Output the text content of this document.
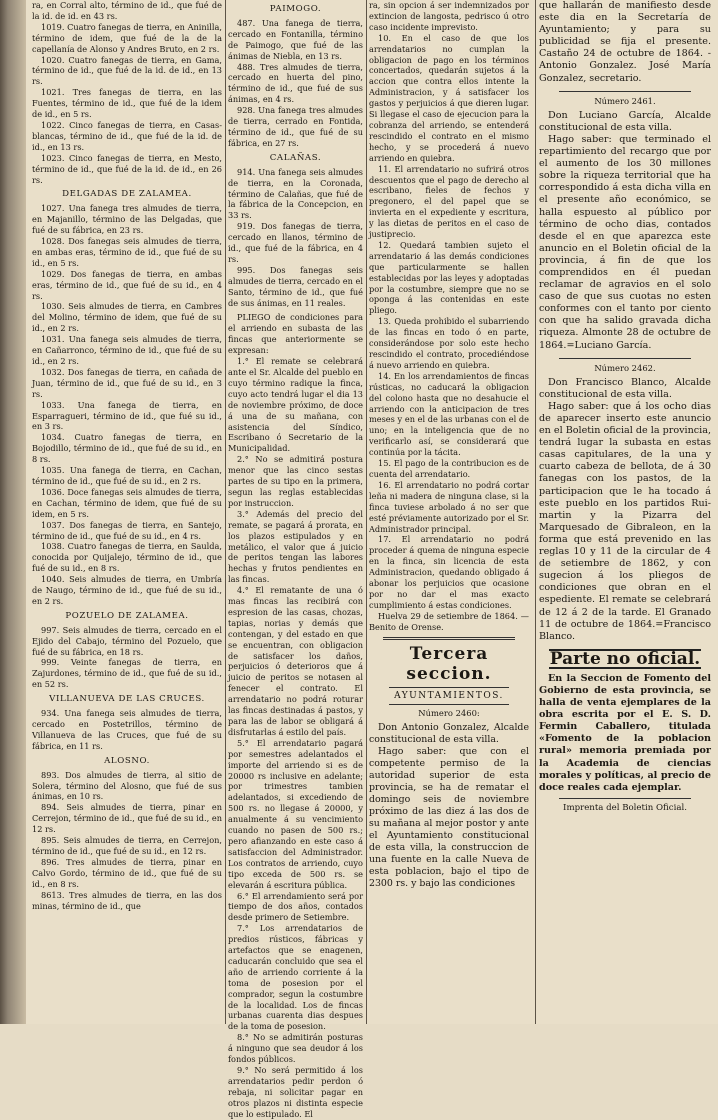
ra, en Corral alto, término de id., que fué de la id. de id. en 43 rs.

1019. Cuatro fanegas de tierra, en Aninilla, término de idem, que fué de la de la capellanía de Alonso y Andres Bruto, en 2 rs.

1020. Cuatro fanegas de tierra, en Gama, término de id., que fué de la id. de id., en 13 rs.

1021. Tres fanegas de tierra, en las Fuentes, término de id., que fué de la idem de id., en 5 rs.

1022. Cinco fanegas de tierra, en Casas-blancas, término de id., que fué de la id. de id., en 13 rs.

1023. Cinco fanegas de tierra, en Mesto, término de id., que fué de la id. de id., en 26 rs.

DELGADAS DE ZALAMEA.

1027. Una fanega tres almudes de tierra, en Majanillo, término de las Delgadas, que fué de su fábrica, en 23 rs.

1028. Dos fanegas seis almudes de tierra, en ambas eras, término de id., que fué de su id., en 5 rs.

1029. Dos fanegas de tierra, en ambas eras, término de id., que fué de su id., en 4 rs.

1030. Seis almudes de tierra, en Cambres del Molino, término de idem, que fué de su id., en 2 rs.

1031. Una fanega seis almudes de tierra, en Cañarronco, término de id., que fué de su id., en 2 rs.

1032. Dos fanegas de tierra, en cañada de Juan, término de id., que fué de su id., en 3 rs.

1033. Una fanega de tierra, en Esparragueri, término de id., que fué su id., en 3 rs.

1034. Cuatro fanegas de tierra, en Bojodillo, término de id., que fué de su id., en 8 rs.

1035. Una fanega de tierra, en Cachan, término de id., que fué de su id., en 2 rs.

1036. Doce fanegas seis almudes de tierra, en Cachan, término de idem, que fué de su idem, en 5 rs.

1037. Dos fanegas de tierra, en Santejo, término de id., que fué de su id., en 4 rs.

1038. Cuatro fanegas de tierra, en Saulda, conocida por Quijalejo, término de id., que fué de su id., en 8 rs.

1040. Seis almudes de tierra, en Umbría de Naugo, término de id., que fué de su id., en 2 rs.

POZUELO DE ZALAMEA.

997. Seis almudes de tierra, cercado en el Ejido del Cabajo, término del Pozuelo, que fué de su fábrica, en 18 rs.

999. Veinte fanegas de tierra, en Zajurdones, término de id., que fué de su id., en 52 rs.

VILLANUEVA DE LAS CRUCES.

934. Una fanega seis almudes de tierra, cercado en Postetrillos, término de Villanueva de las Cruces, que fué de su fábrica, en 11 rs.

ALOSNO.

893. Dos almudes de tierra, al sitio de Solera, término del Alosno, que fué de sus ánimas, en 10 rs.

894. Seis almudes de tierra, pinar en Cerrejon, término de id., que fué de su id., en 12 rs.

895. Seis almudes de tierra, en Cerrejon, término de id., que fué de su id., en 12 rs.

896. Tres almudes de tierra, pinar en Calvo Gordo, término de id., que fué de su id., en 8 rs.

8613. Tres almudes de tierra, en las dos minas, término de id., que

PAIMOGO.

487. Una fanega de tierra, cercado en Fontanilla, término de Paimogo, que fué de las ánimas de Niebla, en 13 rs.

488. Tres almudes de tierra, cercado en huerta del pino, término de id., que fué de sus ánimas, en 4 rs.

928. Una fanega tres almudes de tierra, cerrado en Fontida, término de id., que fué de su fábrica, en 27 rs.

CALAÑAS.

914. Una fanega seis almudes de tierra, en la Coronada, término de Calañas, que fué de la fábrica de la Concepcion, en 33 rs.

919. Dos fanegas de tierra, cercado en llanos, término de id., que fué de la fábrica, en 4 rs.

995. Dos fanegas seis almudes de tierra, cercado en el Santo, término de id., que fué de sus ánimas, en 11 reales.

PLIEGO de condiciones para el arriendo en subasta de las fincas que anteriormente se expresan:

1.° El remate se celebrará ante el Sr. Alcalde del pueblo en cuyo término radique la finca, cuyo acto tendrá lugar el dia 13 de noviembre próximo, de doce á una de su mañana, con asistencia del Síndico, Escribano ó Secretario de la Municipalidad.

2.° No se admitirá postura menor que las cinco sestas partes de su tipo en la primera, segun las reglas establecidas por instruccion.

3.° Además del precio del remate, se pagará á prorata, en los plazos estipulados y en metálico, el valor que á juicio de peritos tengan las labores hechas y frutos pendientes en las fincas.

4.° El rematante de una ó mas fincas las recibirá con espresion de las casas, chozas, tapias, norias y demás que contengan, y del estado en que se encuentran, con obligacion de satisfacer los daños, perjuicios ó deterioros que á juicio de peritos se notasen al fenecer el contrato. El arrendatario no podrá roturar las fincas destinadas á pastos, y para las de labor se obligará á disfrutarlas á estilo del país.

5.° El arrendatario pagará por semestres adelantados el importe del arriendo si es de 20000 rs inclusive en adelante; por trimestres tambien adelantados, si excediendo de 500 rs. no llegase á 20000, y anualmente á su vencimiento cuando no pasen de 500 rs.; pero afianzando en este caso á satisfaccion del Administrador. Los contratos de arriendo, cuyo tipo exceda de 500 rs. se elevarán á escritura pública.

6.° El arrendamiento será por tiempo de dos años, contados desde primero de Setiembre.

7.° Los arrendatarios de predios rústicos, fábricas y artefactos que se enagenen, caducarán concluido que sea el año de arriendo corriente á la toma de posesion por el comprador, segun la costumbre de la localidad. Los de fincas urbanas cuarenta dias despues de la toma de posesion.

8.° No se admitirán posturas á ninguno que sea deudor á los fondos públicos.

9.° No será permitido á los arrendatarios pedir perdon ó rebaja, ni solicitar pagar en otros plazos ni distinta especie que lo estipulado. El

ra, sin opcion á ser indemnizados por extincion de langosta, pedrisco ú otro caso incidente imprevisto.

10. En el caso de que los arrendatarios no cumplan la obligacion de pago en los términos concertados, quedarán sujetos á la accion que contra ellos intente la Administracion, y á satisfacer los gastos y perjuicios á que dieren lugar. Si llegase el caso de ejecucion para la cobranza del arriendo, se entenderá rescindido el contrato en el mismo hecho, y se procederá á nuevo arriendo en quiebra.

11. El arrendatario no sufrirá otros descuentos que el pago de derecho al escribano, fieles de fechos y pregonero, el del papel que se invierta en el expediente y escritura, y las dietas de peritos en el caso de justiprecio.

12. Quedará tambien sujeto el arrendatario á las demás condiciones que particularmente se hallen establecidas por las leyes y adoptadas por la costumbre, siempre que no se oponga á las contenidas en este pliego.

13. Queda prohibido el subarriendo de las fincas en todo ó en parte, considerándose por solo este hecho rescindido el contrato, procediéndose á nuevo arriendo en quiebra.

14. En los arrendamientos de fincas rústicas, no caducará la obligacion del colono hasta que no desahucie el arriendo con la anticipacion de tres meses y en el de las urbanas con el de uno; en la inteligencia que de no verificarlo así, se considerará que continúa por la tácita.

15. El pago de la contribucion es de cuenta del arrendatario.

16. El arrendatario no podrá cortar leña ni madera de ninguna clase, si la finca tuviese arbolado á no ser que esté préviamente autorizado por el Sr. Administrador principal.

17. El arrendatario no podrá proceder á quema de ninguna especie en la finca, sin licencia de esta Administracion, quedando obligado á abonar los perjuicios que ocasione por no dar el mas exacto cumplimiento á estas condiciones.

Huelva 29 de setiembre de 1864. —Benito de Orense.

Tercera seccion.
AYUNTAMIENTOS.
Número 2460:

Don Antonio Gonzalez, Alcalde constitucional de esta villa.

Hago saber: que con el competente permiso de la autoridad superior de esta provincia, se ha de rematar el domingo seis de noviembre próximo de las diez á las dos de su mañana al mejor postor y ante el Ayuntamiento constitucional de esta villa, la construccion de una fuente en la calle Nueva de esta poblacion, bajo el tipo de 2300 rs. y bajo las condiciones

que hallarán de manifiesto desde este dia en la Secretaría de Ayuntamiento; y para su publicidad se fija el presente. Castaño 24 de octubre de 1864. -Antonio Gonzalez. José María Gonzalez, secretario.

Número 2461.

Don Luciano García, Alcalde constitucional de esta villa.

Hago saber: que terminado el repartimiento del recargo que por el aumento de los 30 millones sobre la riqueza territorial que ha correspondido á esta dicha villa en el presente año económico, se halla espuesto al público por término de ocho dias, contados desde el en que aparezca este anuncio en el Boletin oficial de la provincia, á fin de que los comprendidos en él puedan reclamar de agravios en el solo caso de que sus cuotas no esten conformes con el tanto por ciento con que ha salido gravada dicha riqueza. Almonte 28 de octubre de 1864.=Luciano García.

Número 2462.

Don Francisco Blanco, Alcalde constitucional de esta villa.

Hago saber: que á los ocho dias de aparecer inserto este anuncio en el Boletin oficial de la provincia, tendrá lugar la subasta en estas casas capitulares, de la una y cuarto cabeza de bellota, de á 30 fanegas con los pastos, de la participacion que le ha tocado á este pueblo en los partidos Rui-martin y la Pizarra del Marquesado de Gibraleon, en la forma que está prevenido en las reglas 10 y 11 de la circular de 4 de setiembre de 1862, y con sugecion á los pliegos de condiciones que obran en el espediente. El remate se celebrará de 12 á 2 de la tarde. El Granado 11 de octubre de 1864.=Francisco Blanco.

Parte no oficial.

En la Seccion de Fomento del Gobierno de esta provincia, se halla de venta ejemplares de la obra escrita por el E. S. D. Fermin Caballero, titulada «Fomento de la poblacion rural» memoria premiada por la Academia de ciencias morales y políticas, al precio de doce reales cada ejemplar.

Imprenta del Boletin Oficial.
